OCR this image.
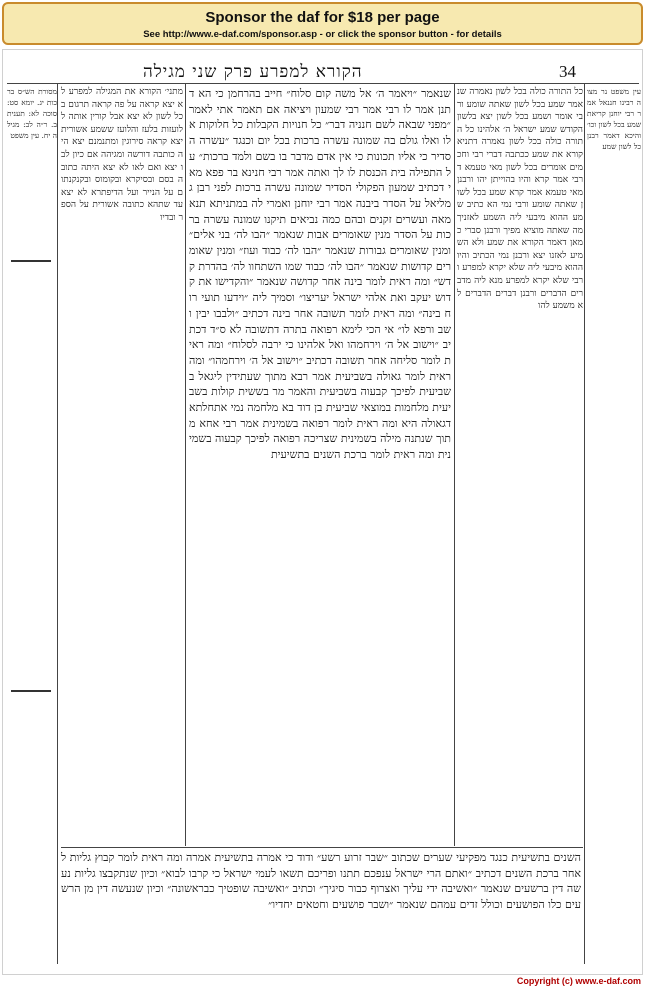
Sponsor the daf for $18 per page
See http://www.e-daf.com/sponsor.asp - or click the sponsor button - for details
הקורא למפרע פרק שני מגילה	34
מסורת הש״ס ברכות יג. יומא סט: סוכה לא: תענית ב. ר״ה לב: מגילה יח. עין משפט
מתני׳ הקורא את המגילה למפרע לא יצא קראה על פה קראה תרגום בכל לשון לא יצא אבל קורין אותה ללועזות בלעז והלועז ששמע אשורית יצא קראה סירוגין ומתנמנם יצא היה כותבה דורשה ומגיהה אם כיון לבו יצא ואם לאו לא יצא היתה כתובה בסם ובסיקרא ובקומוס ובקנקנתום על הנייר ועל הדיפתרא לא יצא עד שתהא כתובה אשורית על הספר ובדיו
שנאמר ״ויאמר ה׳ אל משה קום סלוח״ חייב בהרחמן כי הא דתנן אמר לו רבי אמר רבי שמעון ויציאה אם תאמר אתי לאמר ״מפני שבאה לשם חנניה דבר״ כל חנויות הקבלות כל חלוקות אלו ואלו גולם בה שמונה עשרה ברכות בכל יום וכנגד ״עשרה הסדיר כי אליו תכונות כי אין אדם מדבר בו בשם ולמד ברכות״ על התפילה בית הכנסת לו לך ואתה אמר רבי חנינא בר פפא מאי דכתיב שמעון הפקולי הסדיר שמונה עשרה ברכות לפני רבן גמליאל על הסדר ביבנה אמר רבי יוחנן ואמרי לה במתניתא תנא מאה ועשרים זקנים ובהם כמה נביאים תיקנו שמונה עשרה ברכות על הסדר מנין שאומרים אבות שנאמר ״הבו לה׳ בני אלים״ ומנין שאומרים גבורות שנאמר ״הבו לה׳ כבוד ועוז״ ומנין שאומרים קדושות שנאמר ״הבו לה׳ כבוד שמו השתחוו לה׳ בהדרת קדש״ ומה ראית לומר בינה אחר קדושה שנאמר ״והקדישו את קדוש יעקב ואת אלהי ישראל יעריצו״ וסמיך ליה ״וידעו תועי רוח בינה״ ומה ראית לומר תשובה אחר בינה דכתיב ״ולבבו יבין ושב ורפא לו״ אי הכי לימא רפואה בתרה דתשובה לא ס״ד דכתיב ״וישוב אל ה׳ וירחמהו ואל אלהינו כי ירבה לסלוח״ ומה ראית לומר סליחה אחר תשובה דכתיב ״וישוב אל ה׳ וירחמהו״ ומה ראית לומר גאולה בשביעית אמר רבא מתוך שעתידין ליגאל בשביעית לפיכך קבעוה בשביעית והאמר מר בששית קולות בשביעית מלחמות במוצאי שביעית בן דוד בא מלחמה נמי אתחלתא דגאולה היא ומה ראית לומר רפואה בשמינית אמר רבי אחא מתוך שנתנה מילה בשמינית שצריכה רפואה לפיכך קבעוה בשמינית ומה ראית לומר ברכת השנים בתשיעית
כל התורה כולה בכל לשון נאמרה שנאמר שמע בכל לשון שאתה שומע ורבי אומר ושמע בכל לשון יצא בלשון הקודש שמע ישראל ה׳ אלהינו כל התורה כולה בכל לשון נאמרה דתניא קורא את שמע ככתבה דברי רבי וחכמים אומרים בכל לשון מאי טעמא דרבי אמר קרא והיו בהוייתן יהו ורבנן מאי טעמא אמר קרא שמע בכל לשון שאתה שומע ורבי נמי הא כתיב שמע ההוא מיבעי ליה השמע לאזניך מה שאתה מוציא מפיך ורבנן סברי כמאן דאמר הקורא את שמע ולא השמיע לאזנו יצא ורבנן נמי הכתיב והיו ההוא מיבעי ליה שלא יקרא למפרע ורבי שלא יקרא למפרע מנא ליה מדברים הדברים ורבנן דברים הדברים לא משמע להו
עין משפט נר מצוה רבינו חננאל אמר רבי יוחנן קריאת שמע בכל לשון וכו׳ והיכא דאמר רבנן כל לשון שמע
השנים בתשיעית כנגד מפקיעי שערים שכתוב ״שבר זרוע רשע״ ודוד כי אמרה בתשיעית אמרה ומה ראית לומר קבוץ גליות לאחר ברכת השנים דכתיב ״ואתם הרי ישראל ענפכם תתנו ופריכם תשאו לעמי ישראל כי קרבו לבוא״ וכיון שנתקבצו גליות נעשה דין ברשעים שנאמר ״ואשיבה ידי עליך ואצרוף כבור סיגיך״ וכתיב ״ואשיבה שופטיך כבראשונה״ וכיון שנעשה דין מן הרשעים כלו הפושעים וכולל זדים עמהם שנאמר ״ושבר פושעים וחטאים יחדיו״
Copyright (c) www.e-daf.com
